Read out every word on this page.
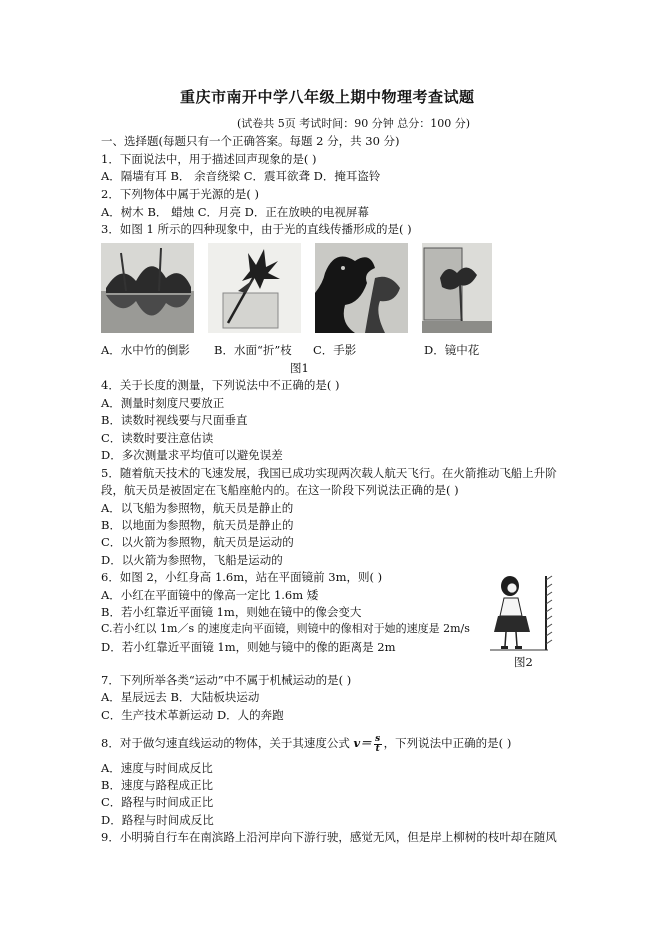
重庆市南开中学八年级上期中物理考查试题
(试卷共 5页 考试时间：90 分钟 总分：100 分)
一、选择题(每题只有一个正确答案。每题 2 分，共 30 分)
1．下面说法中，用于描述回声现象的是( )
A．隔墙有耳 B． 余音绕梁 C．震耳欲聋 D．掩耳盗铃
2．下列物体中属于光源的是( )
A．树木 B． 蜡烛 C．月亮 D．正在放映的电视屏幕
3．如图 1 所示的四种现象中，由于光的直线传播形成的是( )
A．水中竹的倒影 B．水面“折”枝 C．手影	D．镜中花
图1
4．关于长度的测量，下列说法中不正确的是( )
A．测量时刻度尺要放正
B．读数时视线要与尺面垂直
C．读数时要注意估读
D．多次测量求平均值可以避免误差
5．随着航天技术的飞速发展，我国已成功实现两次载人航天飞行。在火箭推动飞船上升阶
段，航天员是被固定在飞船座舱内的。在这一阶段下列说法正确的是( )
A．以飞船为参照物，航天员是静止的
B．以地面为参照物，航天员是静止的
C．以火箭为参照物，航天员是运动的
D．以火箭为参照物，飞船是运动的
6．如图 2，小红身高 1.6m，站在平面镜前 3m，则( )
A．小红在平面镜中的像高一定比 1.6m 矮
B．若小红靠近平面镜 1m，则她在镜中的像会变大
C.若小红以 1m／s 的速度走向平面镜，则镜中的像相对于她的速度是 2m/s
D．若小红靠近平面镜 1m，则她与镜中的像的距离是 2m
图2
7．下列所举各类“运动”中不属于机械运动的是( )
A．星辰远去 B．大陆板块运动
C．生产技术革新运动 D．人的奔跑
8．对于做匀速直线运动的物体，关于其速度公式 $v= \frac{s}{t}$ ，下列说法中正确的是( )
A．速度与时间成反比
B．速度与路程成正比
C．路程与时间成正比
D．路程与时间成反比
9．小明骑自行车在南滨路上沿河岸向下游行驶，感觉无风，但是岸上柳树的枝叶却在随风
